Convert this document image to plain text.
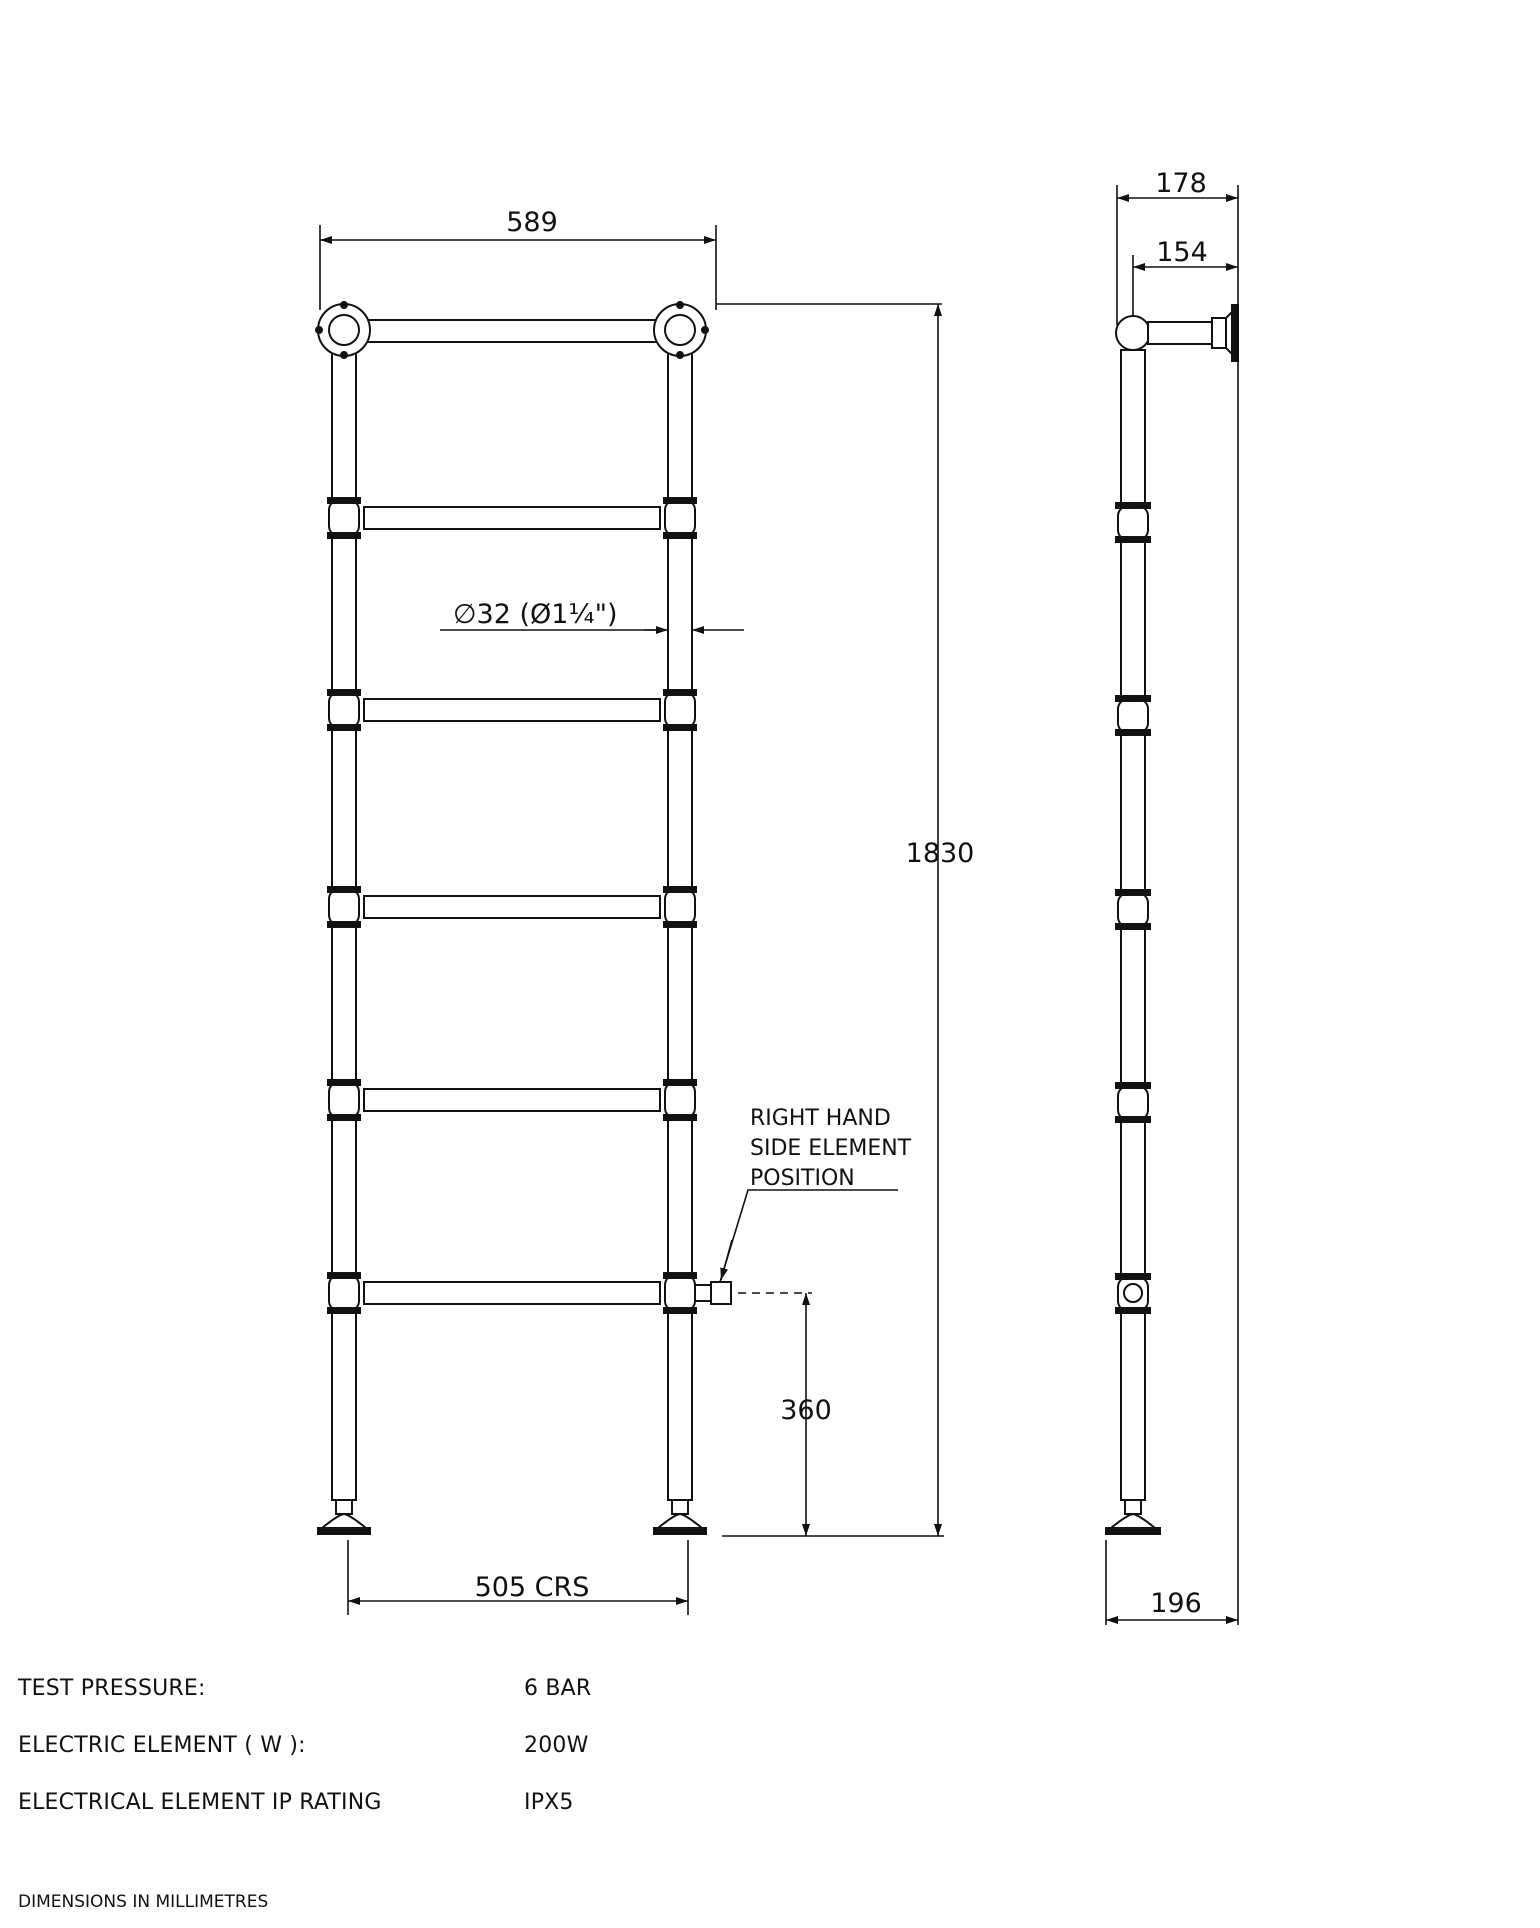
589
1830
∅32 (Ø1¼")
360
505 CRS
178
154
196
RIGHT HAND
SIDE ELEMENT
POSITION
TEST PRESSURE:	6 BAR
ELECTRIC ELEMENT ( W ):	200W
ELECTRICAL ELEMENT IP RATING	IPX5
DIMENSIONS IN MILLIMETRES
